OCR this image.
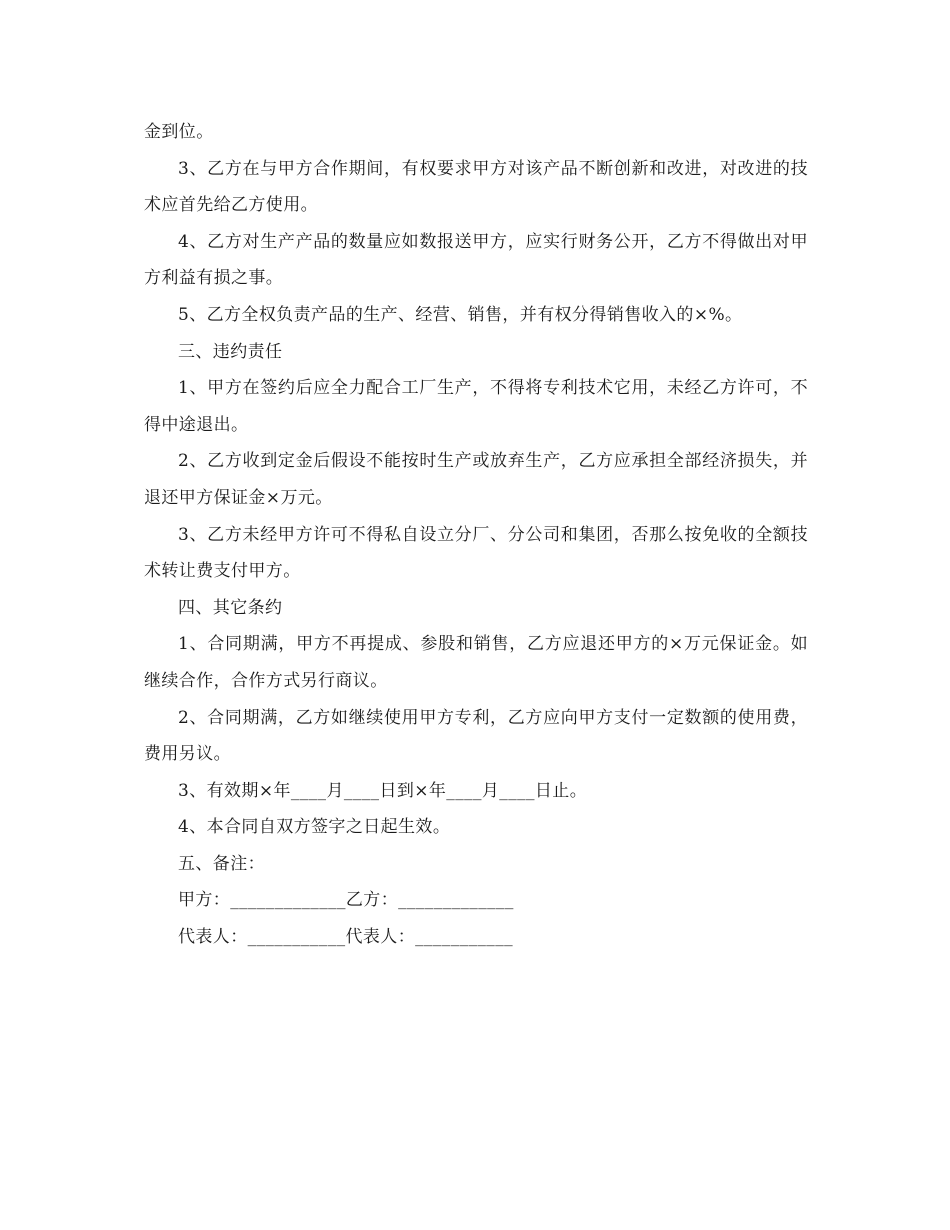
金到位。

3、乙方在与甲方合作期间，有权要求甲方对该产品不断创新和改进，对改进的技术应首先给乙方使用。

4、乙方对生产产品的数量应如数报送甲方，应实行财务公开，乙方不得做出对甲方利益有损之事。

5、乙方全权负责产品的生产、经营、销售，并有权分得销售收入的×%。

三、违约责任

1、甲方在签约后应全力配合工厂生产，不得将专利技术它用，未经乙方许可，不得中途退出。

2、乙方收到定金后假设不能按时生产或放弃生产，乙方应承担全部经济损失，并退还甲方保证金×万元。

3、乙方未经甲方许可不得私自设立分厂、分公司和集团，否那么按免收的全额技术转让费支付甲方。

四、其它条约

1、合同期满，甲方不再提成、参股和销售，乙方应退还甲方的×万元保证金。如继续合作，合作方式另行商议。

2、合同期满，乙方如继续使用甲方专利，乙方应向甲方支付一定数额的使用费，费用另议。

3、有效期×年____月____日到×年____月____日止。

4、本合同自双方签字之日起生效。

五、备注：

甲方：_____________乙方：_____________

代表人：___________代表人：___________
